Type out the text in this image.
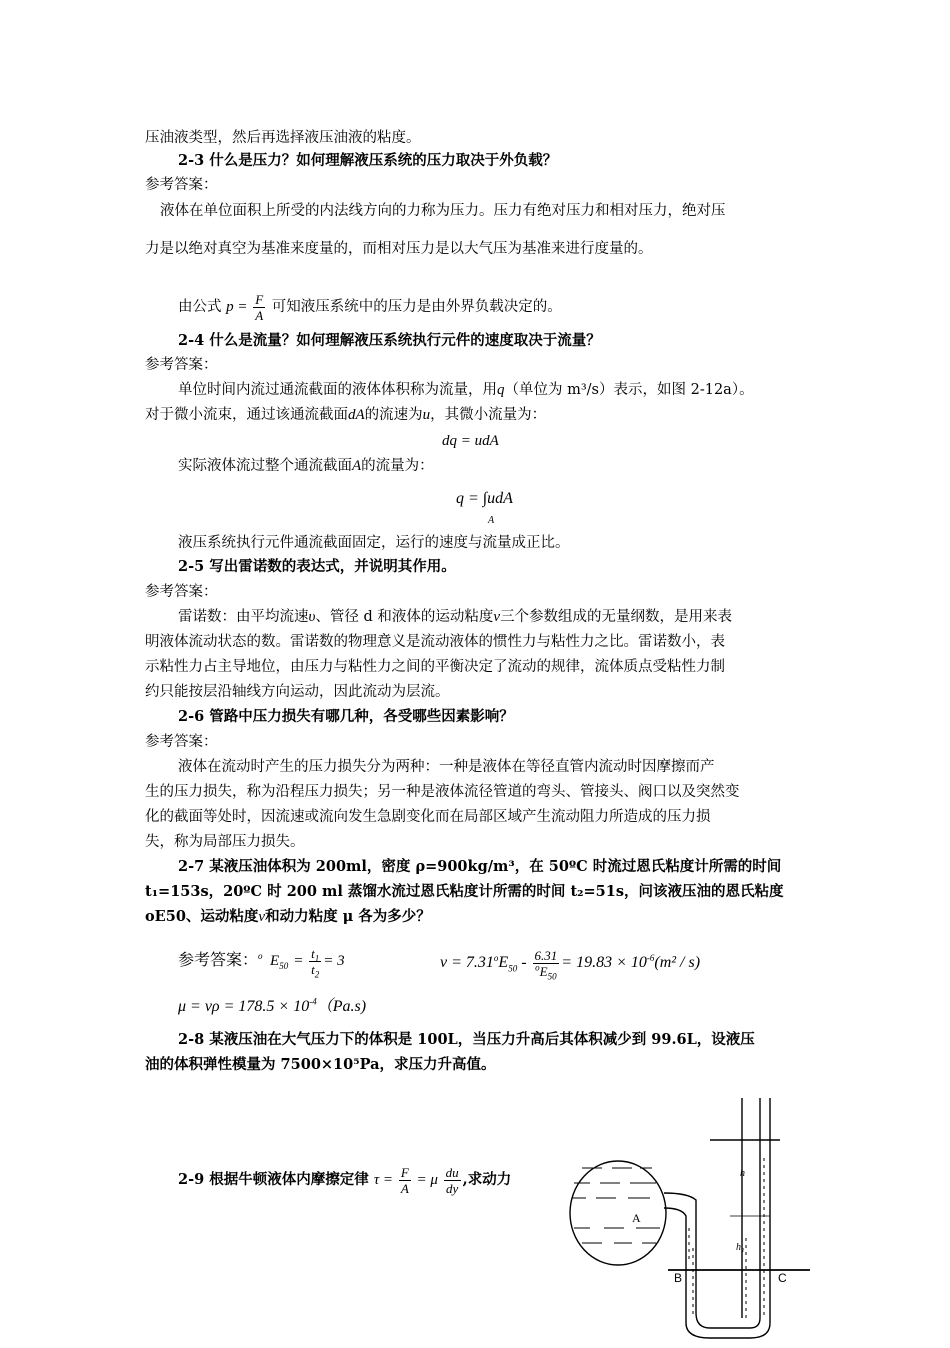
压油液类型，然后再选择液压油液的粘度。
2-3 什么是压力？如何理解液压系统的压力取决于外负载？
参考答案：
液体在单位面积上所受的内法线方向的力称为压力。压力有绝对压力和相对压力，绝对压
力是以绝对真空为基准来度量的，而相对压力是以大气压为基准来进行度量的。
由公式 $p = \frac{F}{A}$ 可知液压系统中的压力是由外界负载决定的。
2-4 什么是流量？如何理解液压系统执行元件的速度取决于流量？
参考答案：
单位时间内流过通流截面的液体体积称为流量，用q（单位为 m³/s）表示，如图 2-12a）。
对于微小流束，通过该通流截面dA的流速为u，其微小流量为：
dq = udA
实际液体流过整个通流截面A的流量为：
q = ∫udA
A
液压系统执行元件通流截面固定，运行的速度与流量成正比。
2-5 写出雷诺数的表达式，并说明其作用。
参考答案：
雷诺数：由平均流速υ、管径 d 和液体的运动粘度ν三个参数组成的无量纲数，是用来表
明液体流动状态的数。雷诺数的物理意义是流动液体的惯性力与粘性力之比。雷诺数小，表
示粘性力占主导地位，由压力与粘性力之间的平衡决定了流动的规律，流体质点受粘性力制
约只能按层沿轴线方向运动，因此流动为层流。
2-6 管路中压力损失有哪几种，各受哪些因素影响？
参考答案：
液体在流动时产生的压力损失分为两种：一种是液体在等径直管内流动时因摩擦而产
生的压力损失，称为沿程压力损失；另一种是液体流径管道的弯头、管接头、阀口以及突然变
化的截面等处时，因流速或流向发生急剧变化而在局部区域产生流动阻力所造成的压力损
失，称为局部压力损失。
2-7 某液压油体积为 200ml，密度 ρ=900kg/m³，在 50ºC 时流过恩氏粘度计所需的时间
t₁=153s，20ºC 时 200 ml 蒸馏水流过恩氏粘度计所需的时间 t₂=51s，问该液压油的恩氏粘度
oE50、运动粘度ν和动力粘度 μ 各为多少？
参考答案：$^o$  $E_{50} = \frac{t_1}{t_2} = 3$	$\nu = 7.31^oE_{50} - \frac{6.31}{^oE_{50}} = 19.83 \times 10^{-6}(m^2 / s)$
$\mu = \nu\rho = 178.5 \times 10^{-4}(Pa.s)$
2-8 某液压油在大气压力下的体积是 100L，当压力升高后其体积减少到 99.6L，设液压
油的体积弹性模量为 7500×10⁵Pa，求压力升高值。
2-9 根据牛顿液体内摩擦定律 $\tau = \frac{F}{A} = \mu \frac{du}{dy}$ ,求动力	h
h₁
A
B	C
